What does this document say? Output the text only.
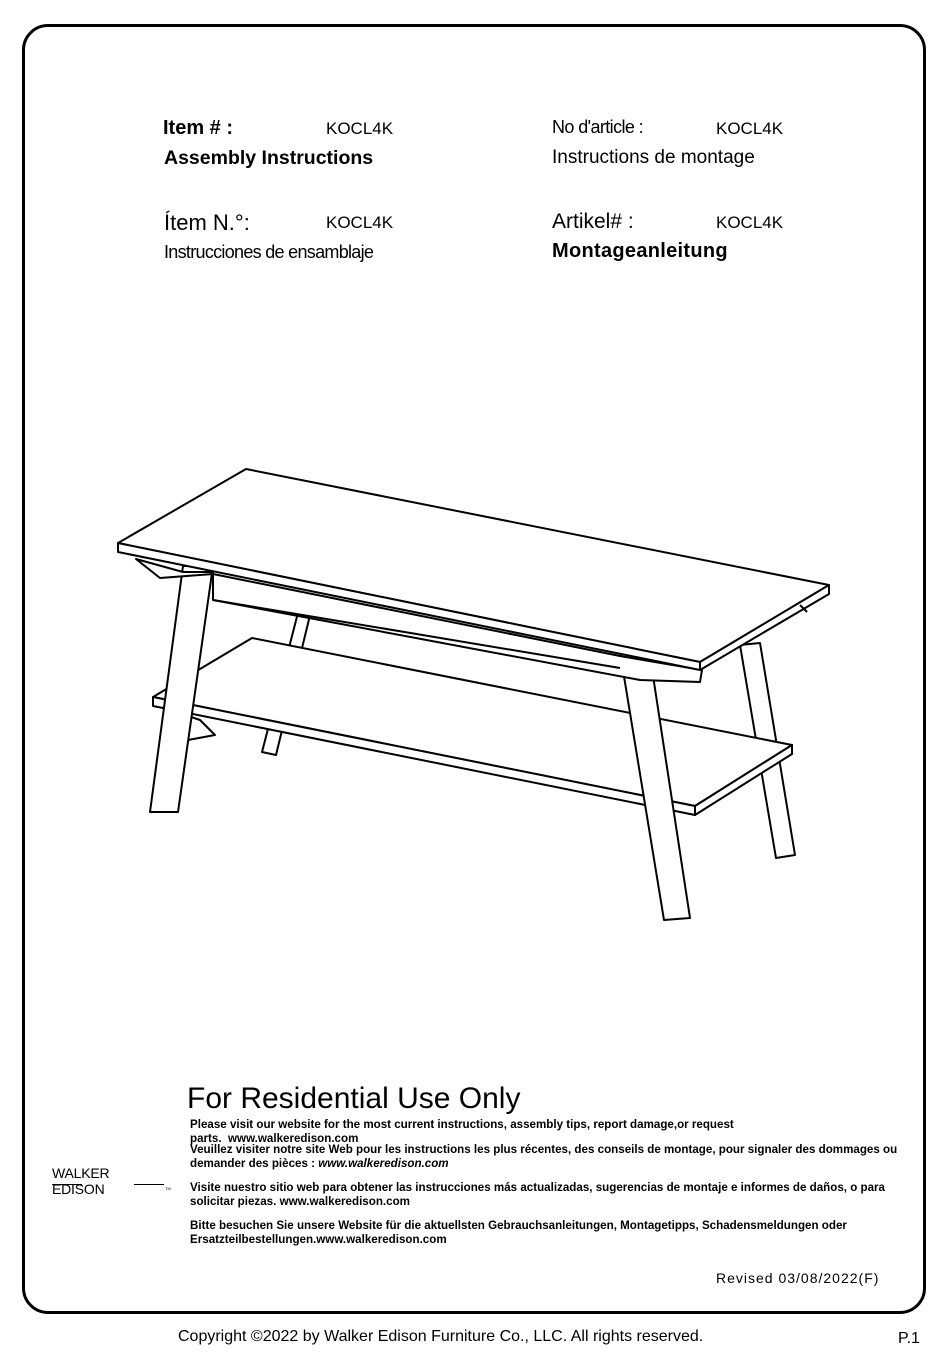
Item # :	KOCL4K
Assembly Instructions
No d'article :	KOCL4K
Instructions de montage
Ítem N.°:	KOCL4K
Instrucciones de ensamblaje
Artikel# :	KOCL4K
Montageanleitung
For Residential Use Only
Please visit our website for the most current instructions, assembly tips, report damage,or request parts. www.walkeredison.com
Veuillez visiter notre site Web pour les instructions les plus récentes, des conseils de montage, pour signaler des dommages ou demander des pièces : www.walkeredison.com
Visite nuestro sitio web para obtener las instrucciones más actualizadas, sugerencias de montaje e informes de daños, o para solicitar piezas. www.walkeredison.com
Bitte besuchen Sie unsere Website für die aktuellsten Gebrauchsanleitungen, Montagetipps, Schadensmeldungen oder Ersatzteilbestellungen.www.walkeredison.com
WALKER EDISON	TM
Revised 03/08/2022(F)
Copyright ©2022 by Walker Edison Furniture Co., LLC. All rights reserved.	P.1
